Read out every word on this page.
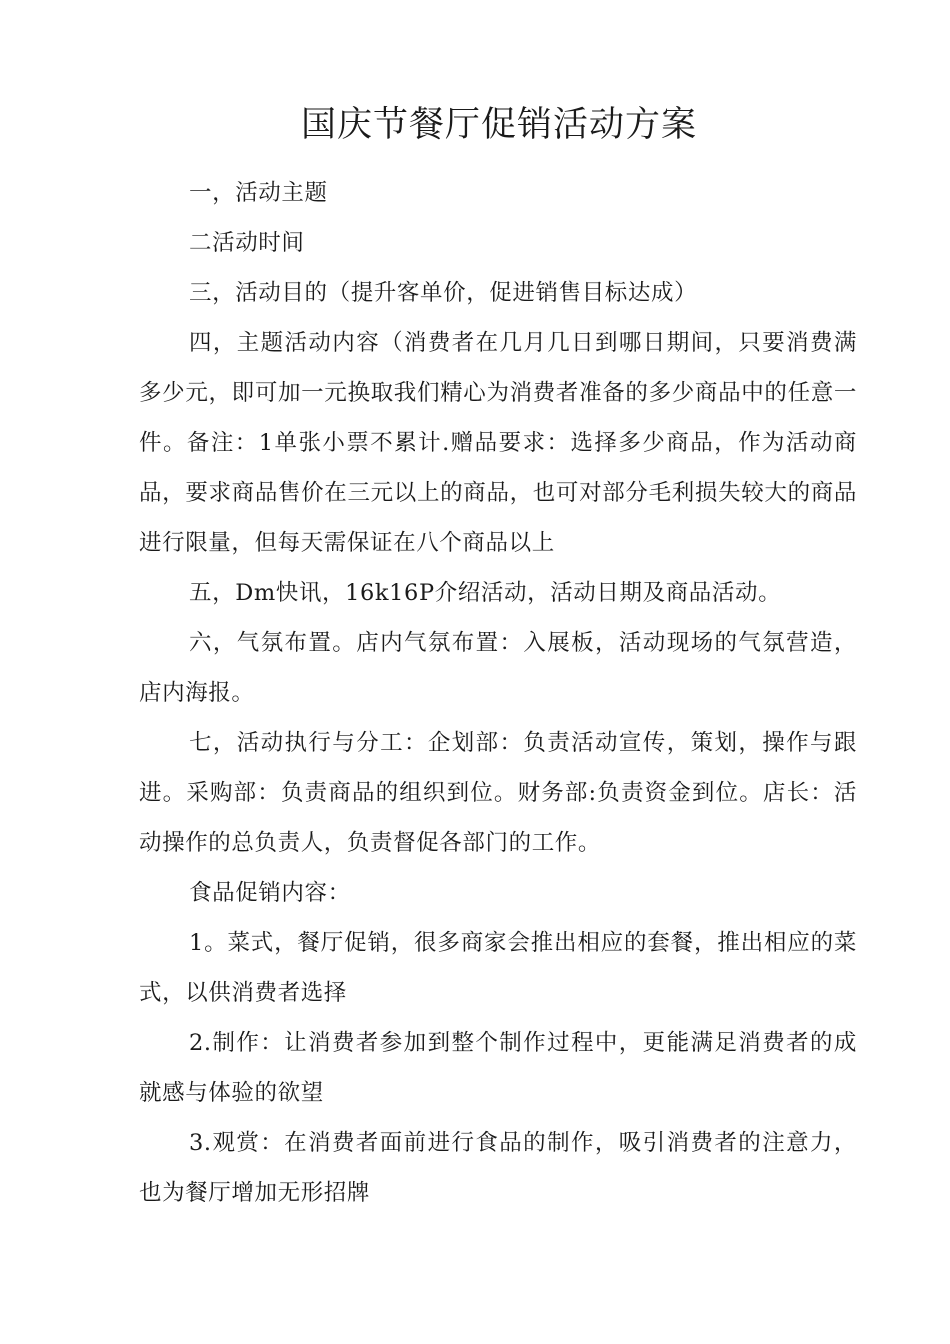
国庆节餐厅促销活动方案

一，活动主题

二活动时间

三，活动目的（提升客单价，促进销售目标达成）

四，主题活动内容（消费者在几月几日到哪日期间，只要消费满多少元，即可加一元换取我们精心为消费者准备的多少商品中的任意一件。备注：1单张小票不累计.赠品要求：选择多少商品，作为活动商品，要求商品售价在三元以上的商品，也可对部分毛利损失较大的商品进行限量，但每天需保证在八个商品以上

五，Dm快讯，16k16P介绍活动，活动日期及商品活动。

六，气氛布置。店内气氛布置：入展板，活动现场的气氛营造，店内海报。

七，活动执行与分工：企划部：负责活动宣传，策划，操作与跟进。采购部：负责商品的组织到位。财务部:负责资金到位。店长：活动操作的总负责人，负责督促各部门的工作。

食品促销内容：

1。菜式，餐厅促销，很多商家会推出相应的套餐，推出相应的菜式，以供消费者选择

2.制作：让消费者参加到整个制作过程中，更能满足消费者的成就感与体验的欲望

3.观赏：在消费者面前进行食品的制作，吸引消费者的注意力，也为餐厅增加无形招牌
